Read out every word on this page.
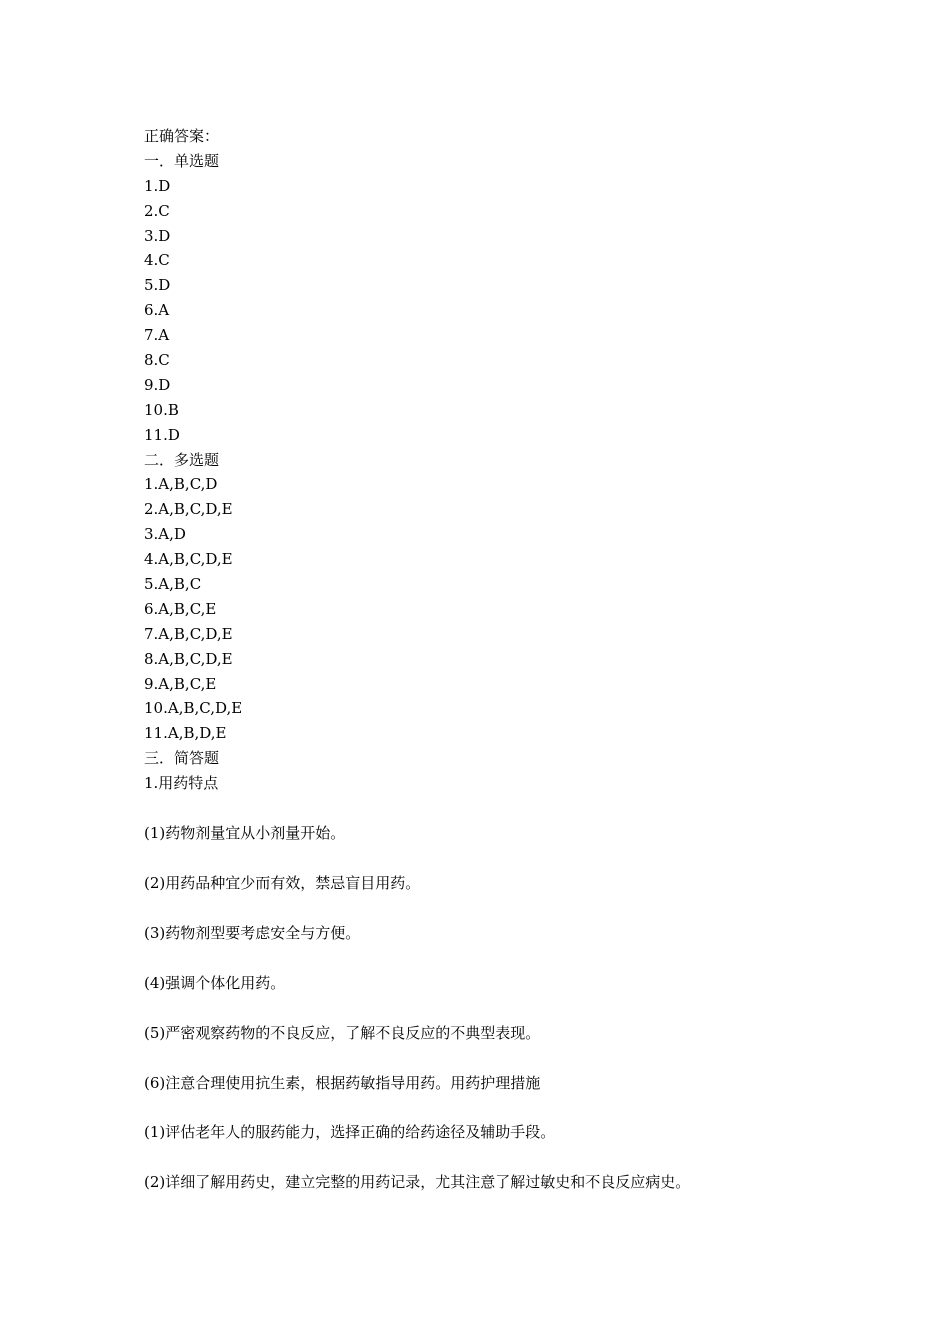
正确答案：
一．单选题
1.D
2.C
3.D
4.C
5.D
6.A
7.A
8.C
9.D
10.B
11.D
二．多选题
1.A,B,C,D
2.A,B,C,D,E
3.A,D
4.A,B,C,D,E
5.A,B,C
6.A,B,C,E
7.A,B,C,D,E
8.A,B,C,D,E
9.A,B,C,E
10.A,B,C,D,E
11.A,B,D,E
三．简答题
1.用药特点
(1)药物剂量宜从小剂量开始。
(2)用药品种宜少而有效，禁忌盲目用药。
(3)药物剂型要考虑安全与方便。
(4)强调个体化用药。
(5)严密观察药物的不良反应，了解不良反应的不典型表现。
(6)注意合理使用抗生素，根据药敏指导用药。用药护理措施
(1)评估老年人的服药能力，选择正确的给药途径及辅助手段。
(2)详细了解用药史，建立完整的用药记录，尤其注意了解过敏史和不良反应病史。
